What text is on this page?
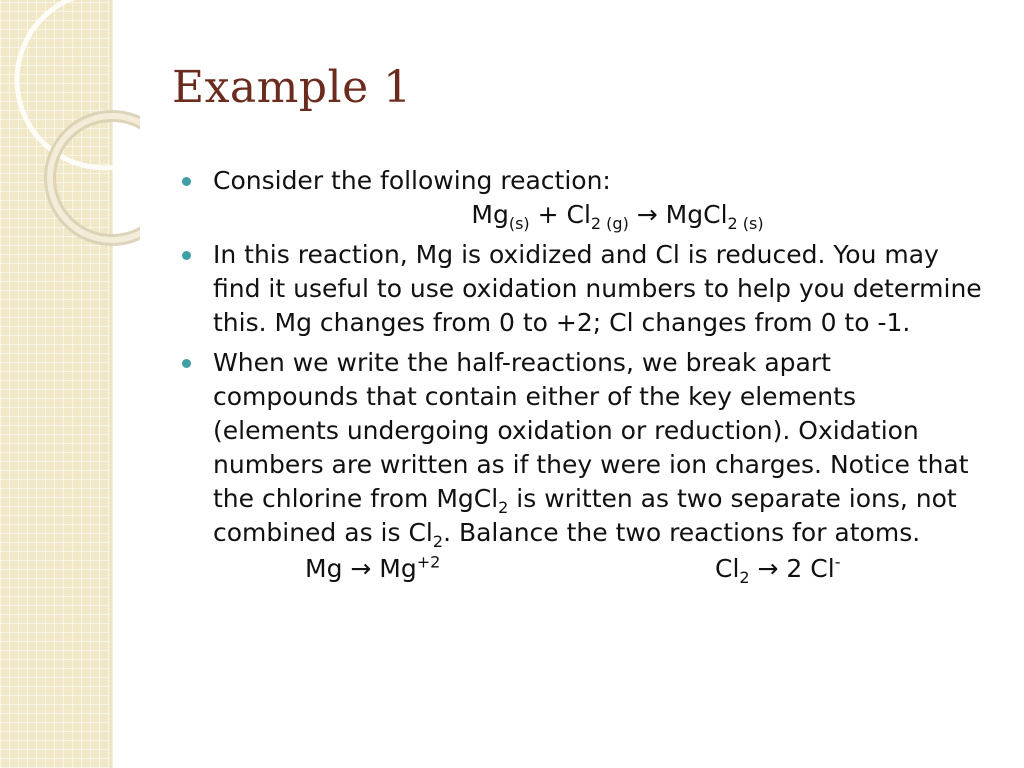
Example 1

Consider the following reaction:

$Mg_{(s)} + Cl_{2 (g)}$ → MgCl$_{2 (s)}$

In this reaction, Mg is oxidized and Cl is reduced. You may find it useful to use oxidation numbers to help you determine this. Mg changes from 0 to +2; Cl changes from 0 to -1.

When we write the half-reactions, we break apart compounds that contain either of the key elements (elements undergoing oxidation or reduction). Oxidation numbers are written as if they were ion charges. Notice that the chlorine from MgCl$_2$ is written as two separate ions, not combined as is $Cl_2$. Balance the two reactions for atoms.

$Mg \to Mg^{+2}$	$Cl_2 \to 2$ Cl-
